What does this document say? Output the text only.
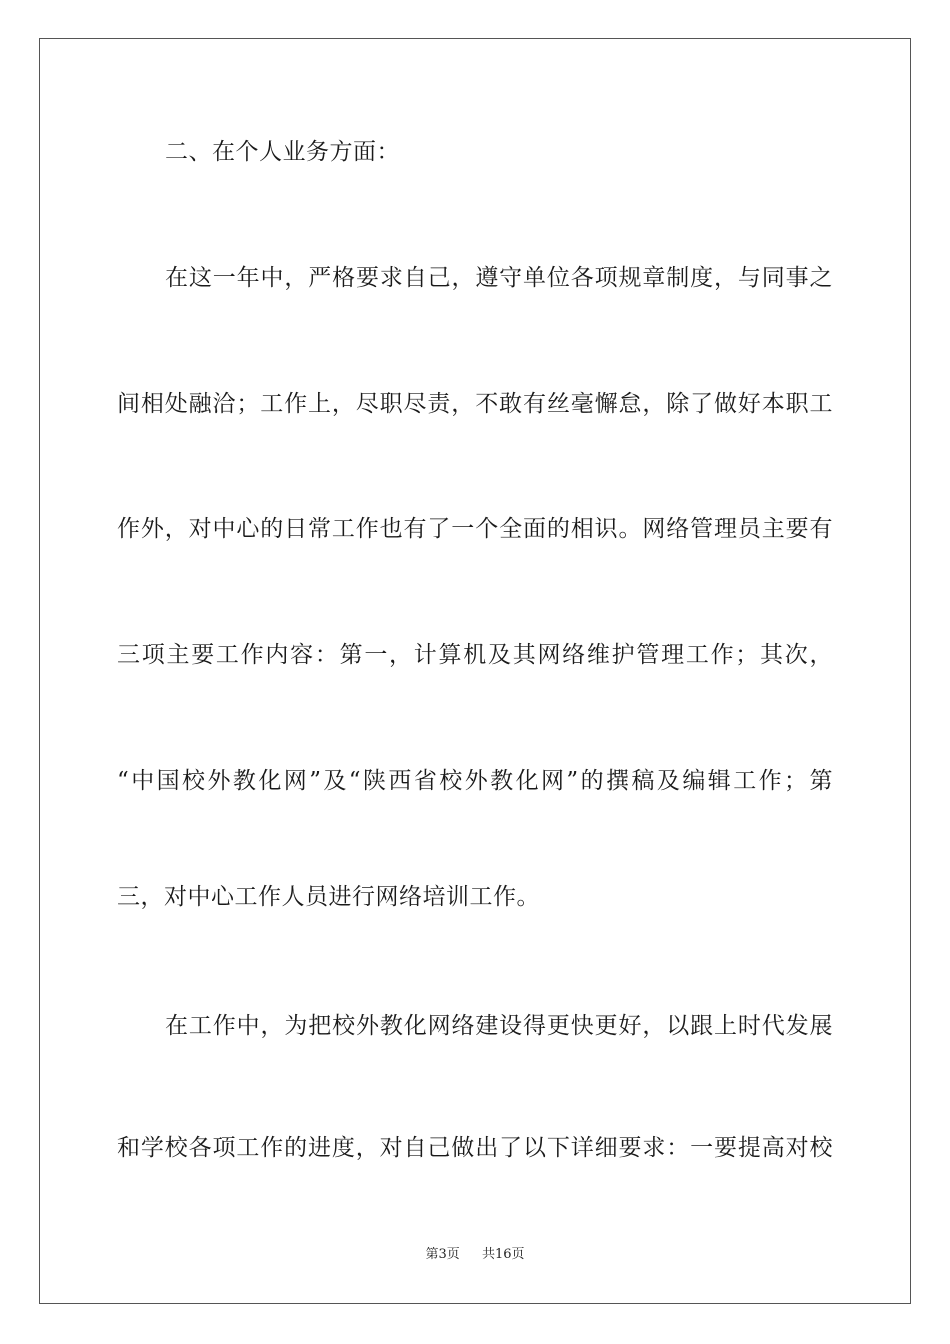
二、在个人业务方面：
在这一年中，严格要求自己，遵守单位各项规章制度，与同事之
间相处融洽；工作上，尽职尽责，不敢有丝毫懈怠，除了做好本职工
作外，对中心的日常工作也有了一个全面的相识。网络管理员主要有
三项主要工作内容：第一，计算机及其网络维护管理工作；其次，
“中国校外教化网”及“陕西省校外教化网”的撰稿及编辑工作；第
三，对中心工作人员进行网络培训工作。
在工作中，为把校外教化网络建设得更快更好，以跟上时代发展
和学校各项工作的进度，对自己做出了以下详细要求：一要提高对校
第3页 共16页
